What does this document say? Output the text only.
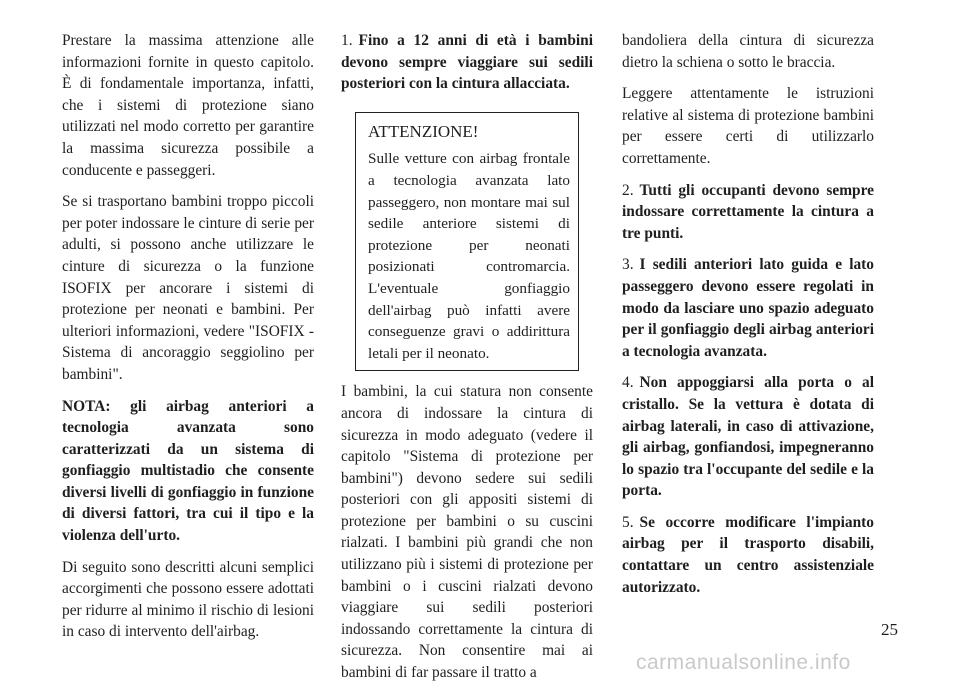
Prestare la massima attenzione alle informazioni fornite in questo capitolo. È di fondamentale importanza, infatti, che i sistemi di protezione siano utilizzati nel modo corretto per garantire la massima sicurezza possibile a conducente e passeggeri.

Se si trasportano bambini troppo piccoli per poter indossare le cinture di serie per adulti, si possono anche utilizzare le cinture di sicurezza o la funzione ISOFIX per ancorare i sistemi di protezione per neonati e bambini. Per ulteriori informazioni, vedere "ISOFIX - Sistema di ancoraggio seggiolino per bambini".

NOTA: gli airbag anteriori a tecnologia avanzata sono caratterizzati da un sistema di gonfiaggio multistadio che consente diversi livelli di gonfiaggio in funzione di diversi fattori, tra cui il tipo e la violenza dell'urto.

Di seguito sono descritti alcuni semplici accorgimenti che possono essere adottati per ridurre al minimo il rischio di lesioni in caso di intervento dell'airbag.

1. Fino a 12 anni di età i bambini devono sempre viaggiare sui sedili posteriori con la cintura allacciata.

ATTENZIONE!

Sulle vetture con airbag frontale a tecnologia avanzata lato passeggero, non montare mai sul sedile anteriore sistemi di protezione per neonati posizionati contromarcia. L'eventuale gonfiaggio dell'airbag può infatti avere conseguenze gravi o addirittura letali per il neonato.

I bambini, la cui statura non consente ancora di indossare la cintura di sicurezza in modo adeguato (vedere il capitolo "Sistema di protezione per bambini") devono sedere sui sedili posteriori con gli appositi sistemi di protezione per bambini o su cuscini rialzati. I bambini più grandi che non utilizzano più i sistemi di protezione per bambini o i cuscini rialzati devono viaggiare sui sedili posteriori indossando correttamente la cintura di sicurezza. Non consentire mai ai bambini di far passare il tratto a

bandoliera della cintura di sicurezza dietro la schiena o sotto le braccia.

Leggere attentamente le istruzioni relative al sistema di protezione bambini per essere certi di utilizzarlo correttamente.

2. Tutti gli occupanti devono sempre indossare correttamente la cintura a tre punti.

3. I sedili anteriori lato guida e lato passeggero devono essere regolati in modo da lasciare uno spazio adeguato per il gonfiaggio degli airbag anteriori a tecnologia avanzata.

4. Non appoggiarsi alla porta o al cristallo. Se la vettura è dotata di airbag laterali, in caso di attivazione, gli airbag, gonfiandosi, impegneranno lo spazio tra l'occupante del sedile e la porta.

5. Se occorre modificare l'impianto airbag per il trasporto disabili, contattare un centro assistenziale autorizzato.

25
carmanualsonline.info
